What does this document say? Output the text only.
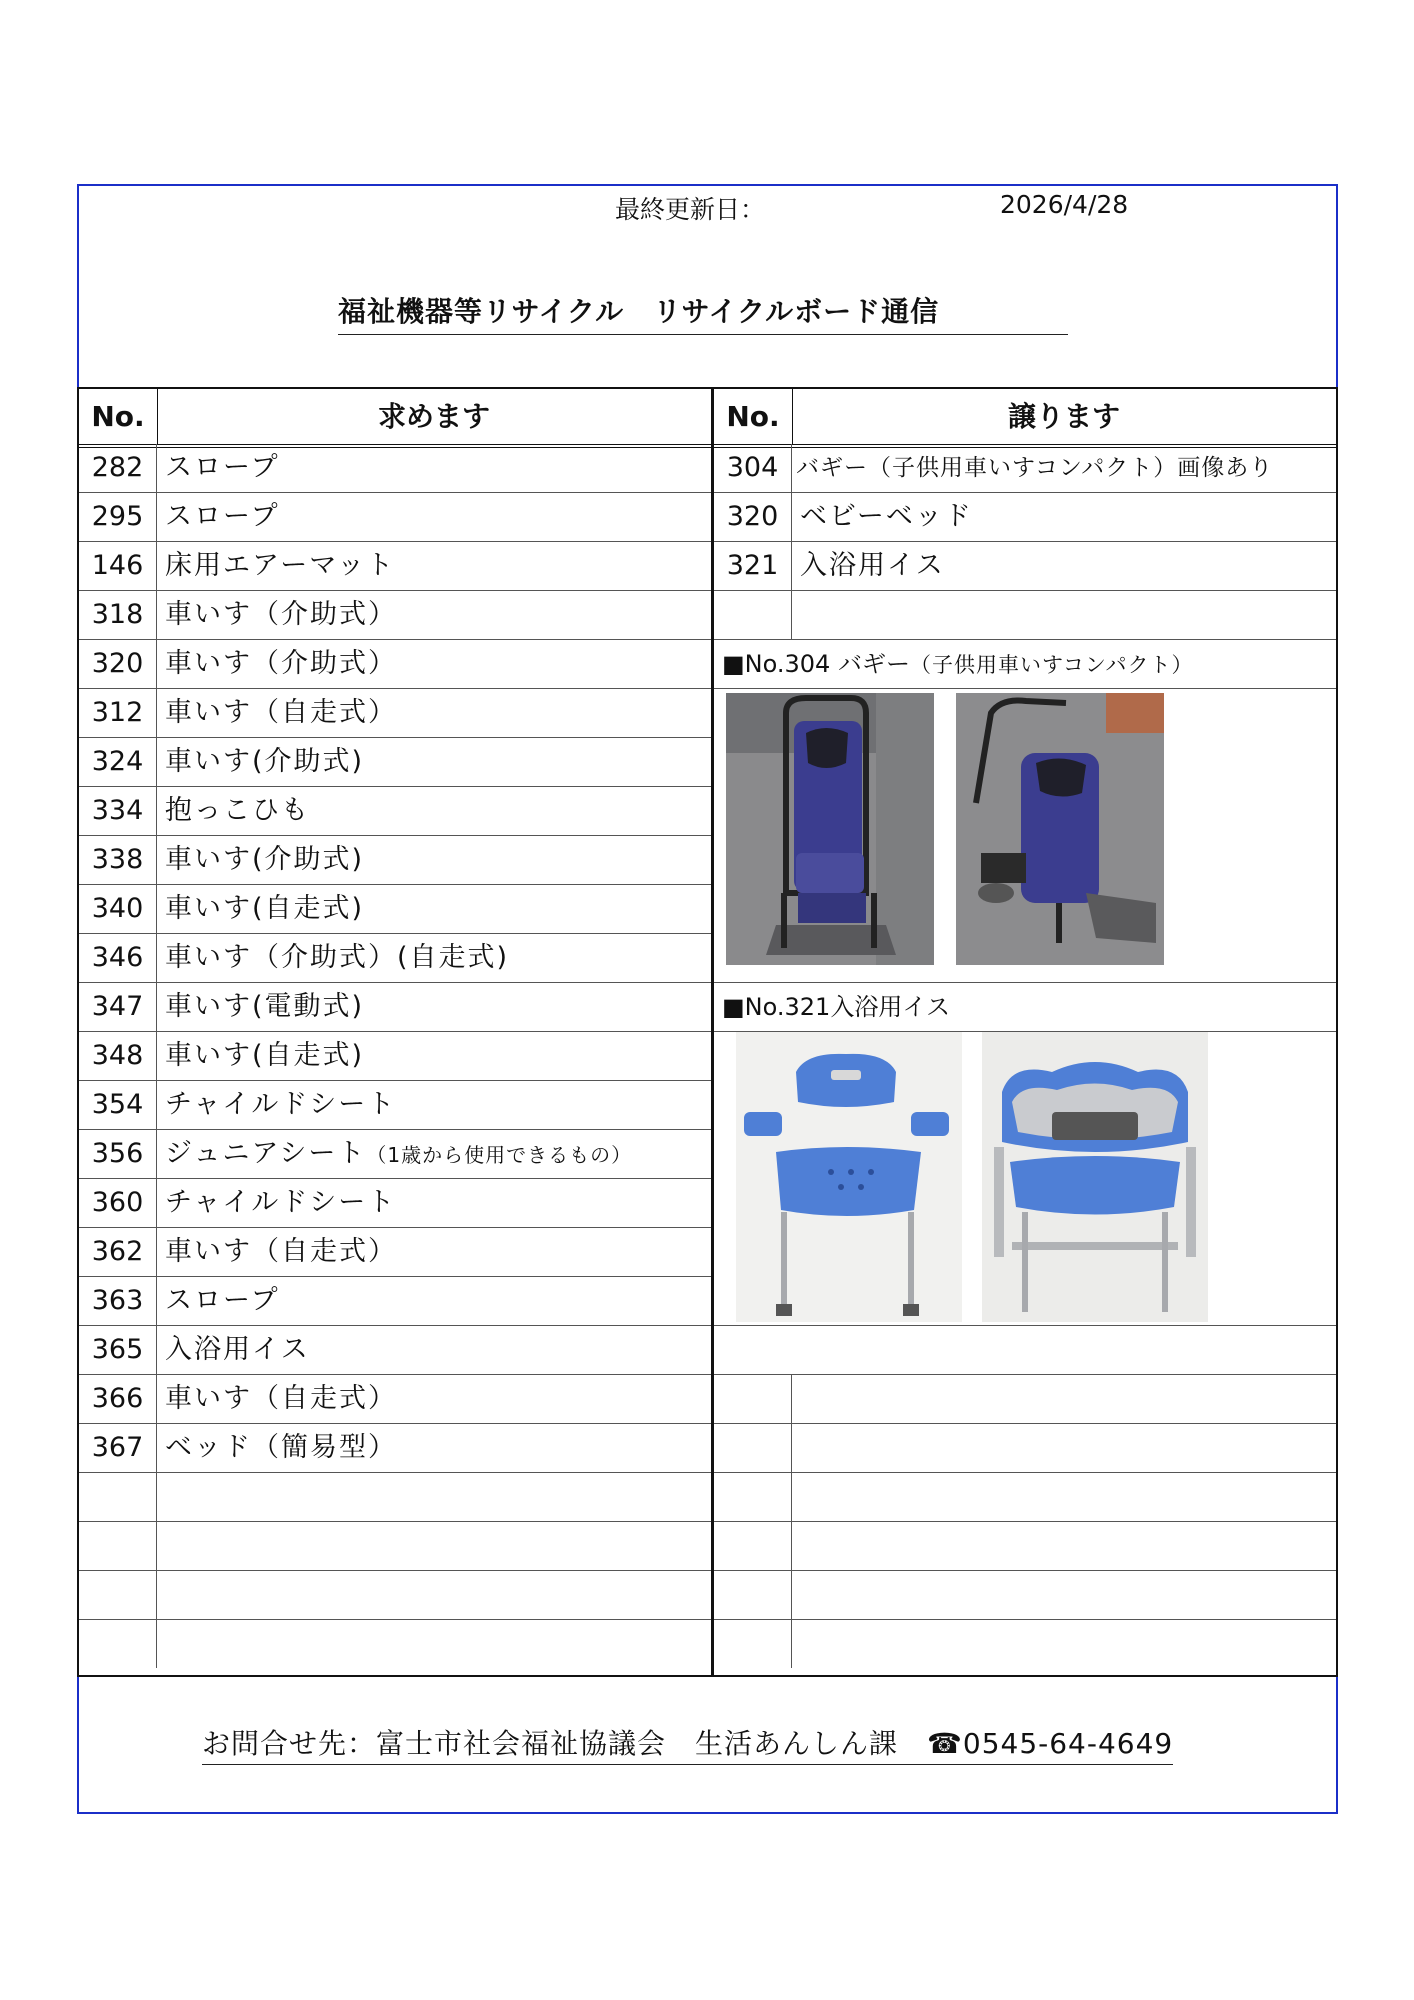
最終更新日：	2026/4/28
福祉機器等リサイクル　リサイクルボード通信
No.	求めます
282 スロープ
295 スロープ
146 床用エアーマット
318 車いす（介助式）
320 車いす（介助式）
312 車いす（自走式）
324 車いす(介助式)
334 抱っこひも
338 車いす(介助式)
340 車いす(自走式)
346 車いす（介助式）(自走式)
347 車いす(電動式)
348 車いす(自走式)
354 チャイルドシート
356 ジュニアシート（1歳から使用できるもの）
360 チャイルドシート
362 車いす（自走式）
363 スロープ
365 入浴用イス
366 車いす（自走式）
367 ベッド（簡易型）
No.	譲ります
304 バギー（子供用車いすコンパクト）画像あり
320 ベビーベッド
321 入浴用イス
■No.304 バギー（子供用車いすコンパクト）
■No.321入浴用イス
お問合せ先：富士市社会福祉協議会　生活あんしん課　☎0545-64-4649
